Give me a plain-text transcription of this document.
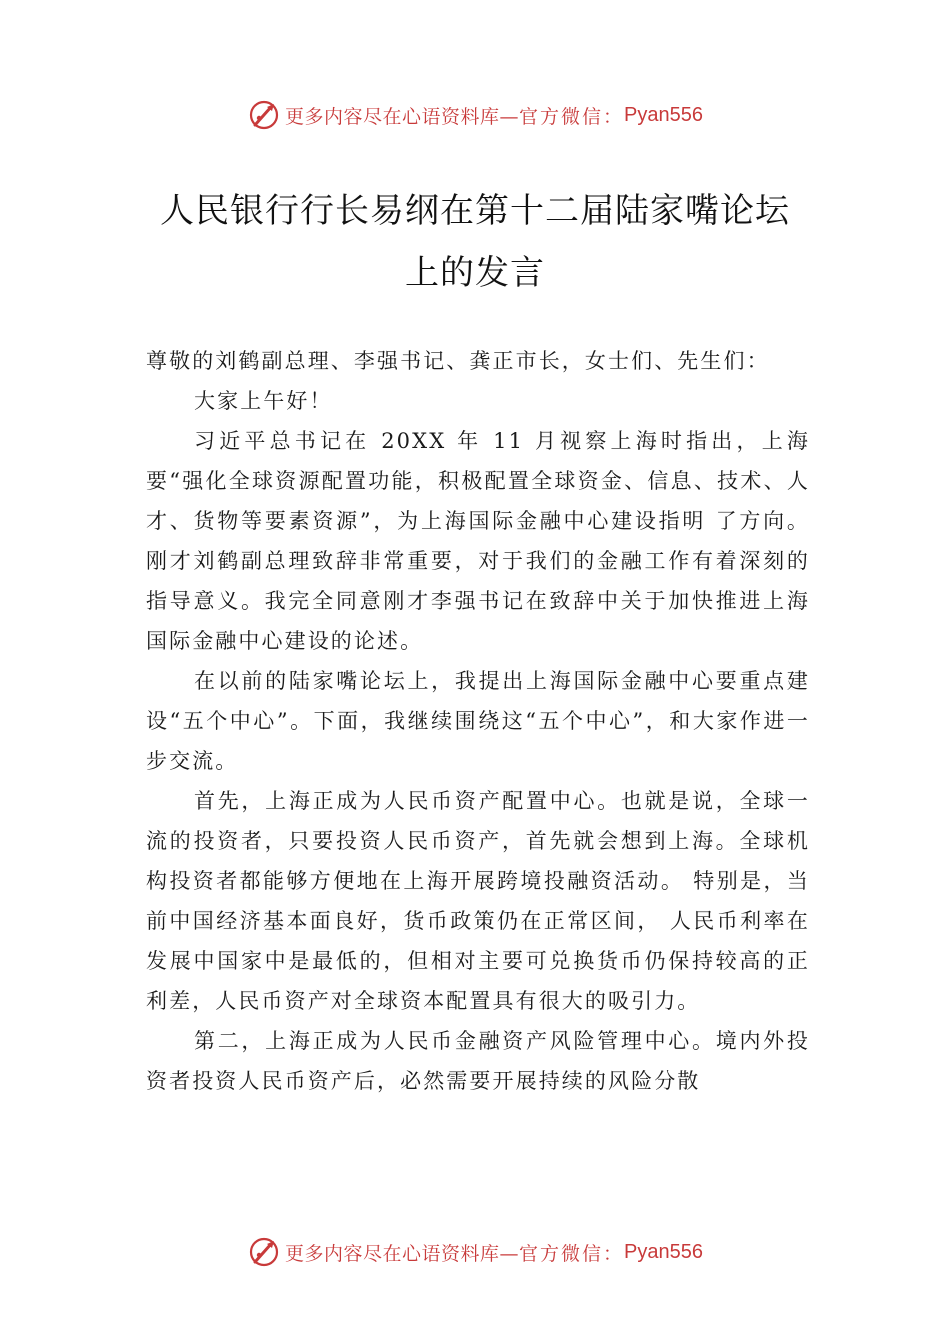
更多内容尽在心语资料库— 官方微信： Pyan556
人民银行行长易纲在第十二届陆家嘴论坛
上的发言

尊敬的刘鹤副总理、李强书记、龚正市长，女士们、先生们：

大家上午好！

习近平总书记在 20XX 年 11 月视察上海时指出，上海要“强化全球资源配置功能，积极配置全球资金、信息、技术、人才、货物等要素资源”，为上海国际金融中心建设指明 了方向。刚才刘鹤副总理致辞非常重要，对于我们的金融工作有着深刻的指导意义。我完全同意刚才李强书记在致辞中关于加快推进上海国际金融中心建设的论述。

在以前的陆家嘴论坛上，我提出上海国际金融中心要重点建设“五个中心”。下面，我继续围绕这“五个中心”，和大家作进一步交流。

首先，上海正成为人民币资产配置中心。也就是说，全球一流的投资者，只要投资人民币资产，首先就会想到上海。全球机构投资者都能够方便地在上海开展跨境投融资活动。 特别是，当前中国经济基本面良好，货币政策仍在正常区间， 人民币利率在发展中国家中是最低的，但相对主要可兑换货币仍保持较高的正利差，人民币资产对全球资本配置具有很大的吸引力。

第二，上海正成为人民币金融资产风险管理中心。境内外投资者投资人民币资产后，必然需要开展持续的风险分散

更多内容尽在心语资料库— 官方微信： Pyan556
